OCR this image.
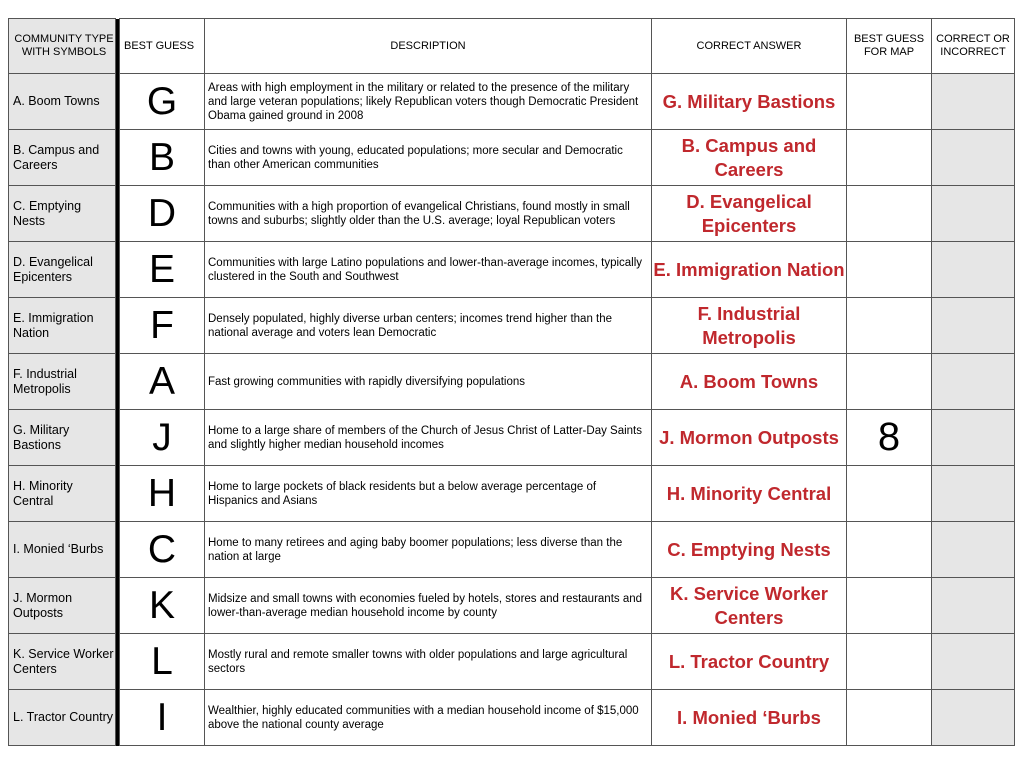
COMMUNITY TYPE WITH SYMBOLS		BEST GUESS	DESCRIPTION	CORRECT ANSWER	BEST GUESS FOR MAP	CORRECT OR INCORRECT
A. Boom Towns		G	Areas with high employment in the military or related to the presence of the military and large veteran populations; likely Republican voters though Democratic President Obama gained ground in 2008	G. Military Bastions		
B. Campus and Careers		B	Cities and towns with young, educated populations; more secular and Democratic than other American communities	B. Campus and Careers		
C. Emptying Nests		D	Communities with a high proportion of evangelical Christians, found mostly in small towns and suburbs; slightly older than the U.S. average; loyal Republican voters	D. Evangelical Epicenters		
D. Evangelical Epicenters		E	Communities with large Latino populations and lower-than-average incomes, typically clustered in the South and Southwest	E. Immigration Nation		
E. Immigration Nation		F	Densely populated, highly diverse urban centers; incomes trend higher than the national average and voters lean Democratic	F. Industrial Metropolis		
F. Industrial Metropolis		A	Fast growing communities with rapidly diversifying populations	A. Boom Towns		
G. Military Bastions		J	Home to a large share of members of the Church of Jesus Christ of Latter-Day Saints and slightly higher median household incomes	J. Mormon Outposts	8	
H. Minority Central		H	Home to large pockets of black residents but a below average percentage of Hispanics and Asians	H. Minority Central		
I. Monied ‘Burbs		C	Home to many retirees and aging baby boomer populations; less diverse than the nation at large	C. Emptying Nests		
J. Mormon Outposts		K	Midsize and small towns with economies fueled by hotels, stores and restaurants and lower-than-average median household income by county	K. Service Worker Centers		
K. Service Worker Centers		L	Mostly rural and remote smaller towns with older populations and large agricultural sectors	L. Tractor Country		
L. Tractor Country		I	Wealthier, highly educated communities with a median household income of $15,000 above the national county average	I. Monied ‘Burbs		
